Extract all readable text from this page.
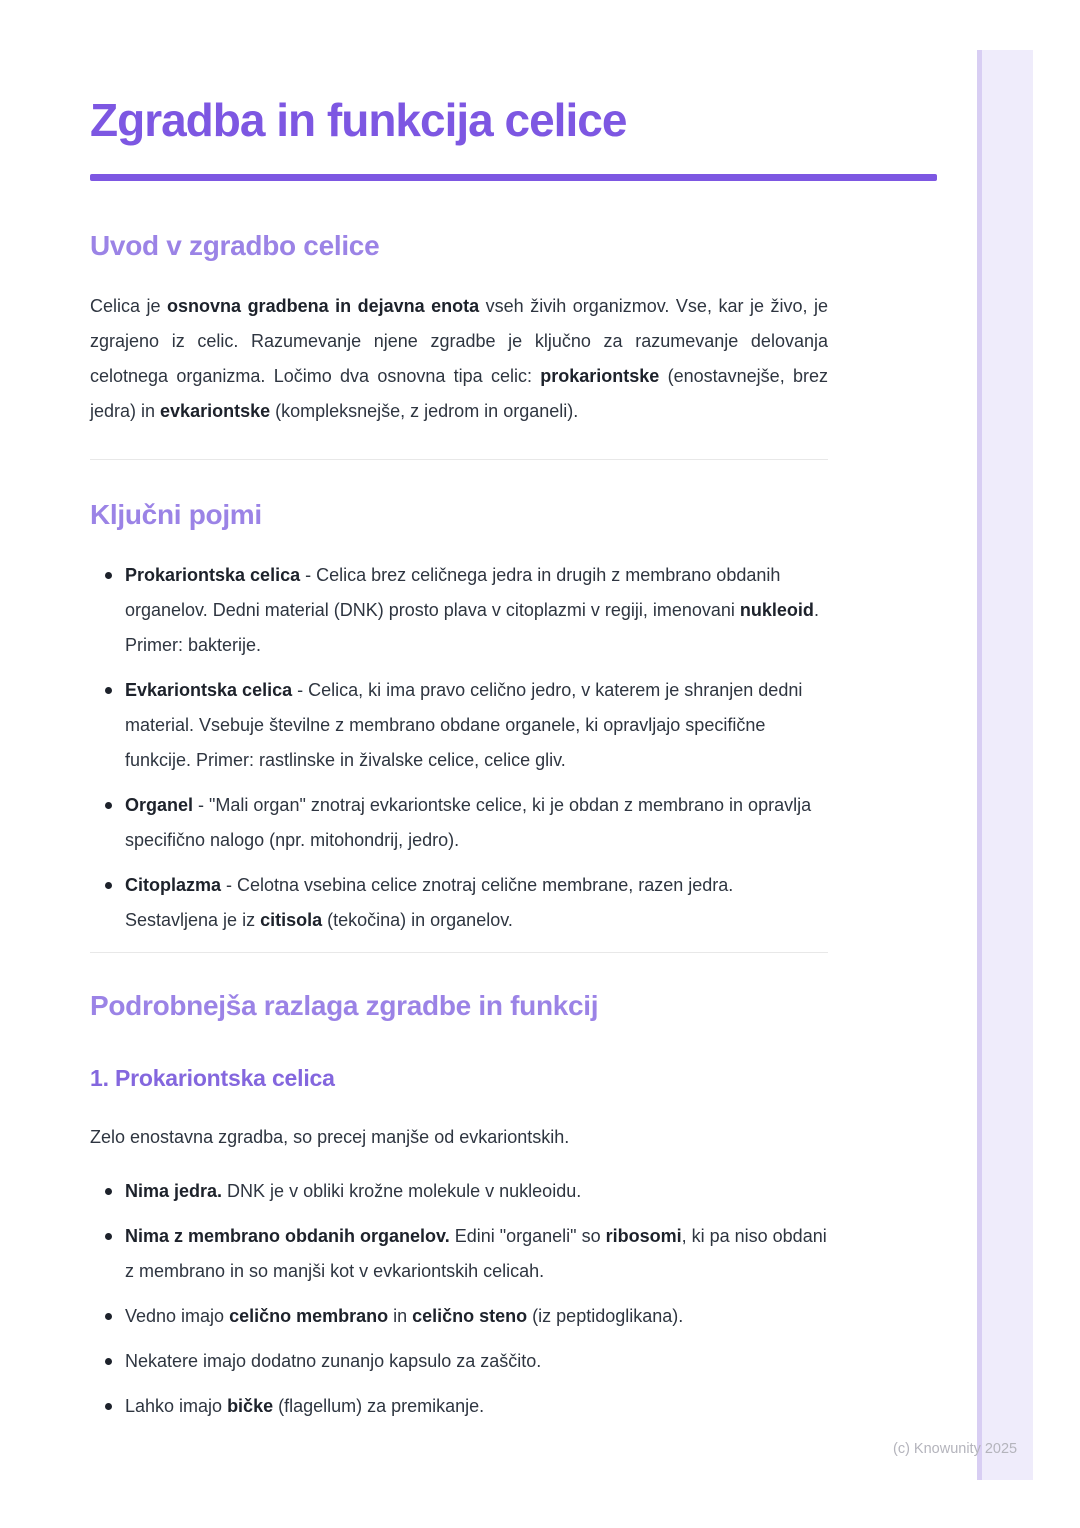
Zgradba in funkcija celice
Uvod v zgradbo celice

Celica je osnovna gradbena in dejavna enota vseh živih organizmov. Vse, kar je živo, je zgrajeno iz celic. Razumevanje njene zgradbe je ključno za razumevanje delovanja celotnega organizma. Ločimo dva osnovna tipa celic: prokariontske (enostavnejše, brez jedra) in evkariontske (kompleksnejše, z jedrom in organeli).

Ključni pojmi
Prokariontska celica - Celica brez celičnega jedra in drugih z membrano obdanih organelov. Dedni material (DNK) prosto plava v citoplazmi v regiji, imenovani nukleoid. Primer: bakterije.
Evkariontska celica - Celica, ki ima pravo celično jedro, v katerem je shranjen dedni material. Vsebuje številne z membrano obdane organele, ki opravljajo specifične funkcije. Primer: rastlinske in živalske celice, celice gliv.
Organel - "Mali organ" znotraj evkariontske celice, ki je obdan z membrano in opravlja specifično nalogo (npr. mitohondrij, jedro).
Citoplazma - Celotna vsebina celice znotraj celične membrane, razen jedra. Sestavljena je iz citisola (tekočina) in organelov.
Podrobnejša razlaga zgradbe in funkcij
1. Prokariontska celica

Zelo enostavna zgradba, so precej manjše od evkariontskih.

Nima jedra. DNK je v obliki krožne molekule v nukleoidu.
Nima z membrano obdanih organelov. Edini "organeli" so ribosomi, ki pa niso obdani z membrano in so manjši kot v evkariontskih celicah.
Vedno imajo celično membrano in celično steno (iz peptidoglikana).
Nekatere imajo dodatno zunanjo kapsulo za zaščito.
Lahko imajo bičke (flagellum) za premikanje.
(c) Knowunity 2025
